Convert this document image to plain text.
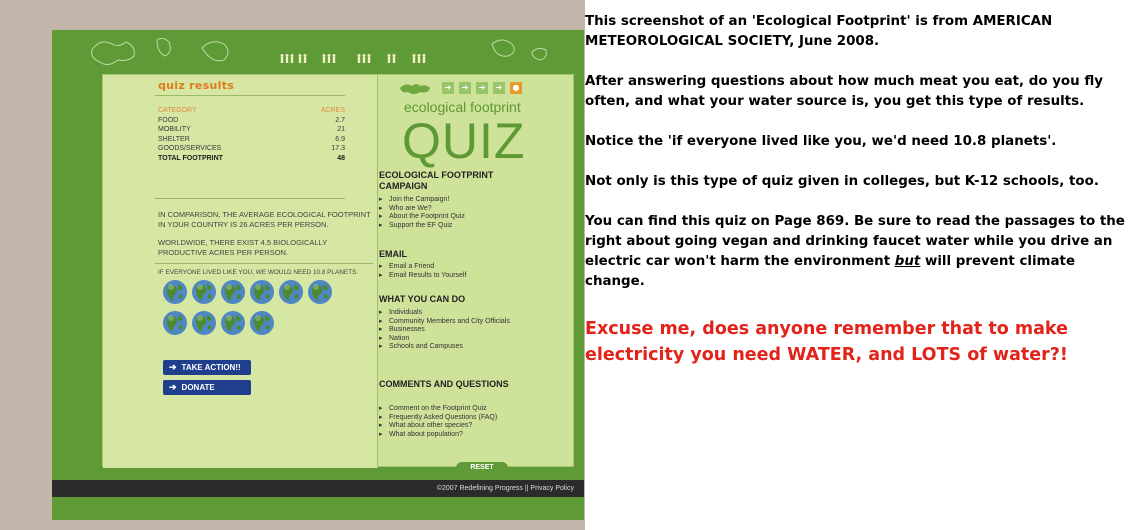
quiz results
CATEGORY	ACRES
FOOD	2.7
MOBILITY	21
SHELTER	6.9
GOODS/SERVICES	17.3
TOTAL FOOTPRINT	48
IN COMPARISON, THE AVERAGE ECOLOGICAL FOOTPRINT IN YOUR COUNTRY IS 26 ACRES PER PERSON.
WORLDWIDE, THERE EXIST 4.5 BIOLOGICALLY PRODUCTIVE ACRES PER PERSON.
IF EVERYONE LIVED LIKE YOU, WE WOULD NEED 10.8 PLANETS.
➔ TAKE ACTION!!
➔ DONATE
➔	➔	➔	➔	●
ecological footprint
QUIZ
ECOLOGICAL FOOTPRINT CAMPAIGN
▸ Join the Campaign!
▸ Who are We?
▸ About the Footprint Quiz
▸ Support the EF Quiz
EMAIL
▸ Email a Friend
▸ Email Results to Yourself
WHAT YOU CAN DO
▸ Individuals
▸ Community Members and City Officials
▸ Businesses
▸ Nation
▸ Schools and Campuses
COMMENTS AND QUESTIONS
▸ Comment on the Footprint Quiz
▸ Frequently Asked Questions (FAQ)
▸ What about other species?
▸ What about population?
RESET
©2007 Redefining Progress || Privacy Policy

This screenshot of an 'Ecological Footprint' is from AMERICAN METEOROLOGICAL SOCIETY, June 2008.

After answering questions about how much meat you eat, do you fly often, and what your water source is, you get this type of results.

Notice the 'if everyone lived like you, we'd need 10.8 planets'.

Not only is this type of quiz given in colleges, but K-12 schools, too.

You can find this quiz on Page 869. Be sure to read the passages to the right about going vegan and drinking faucet water while you drive an electric car won't harm the environment but will prevent climate change.

Excuse me, does anyone remember that to make electricity you need WATER, and LOTS of water?!
